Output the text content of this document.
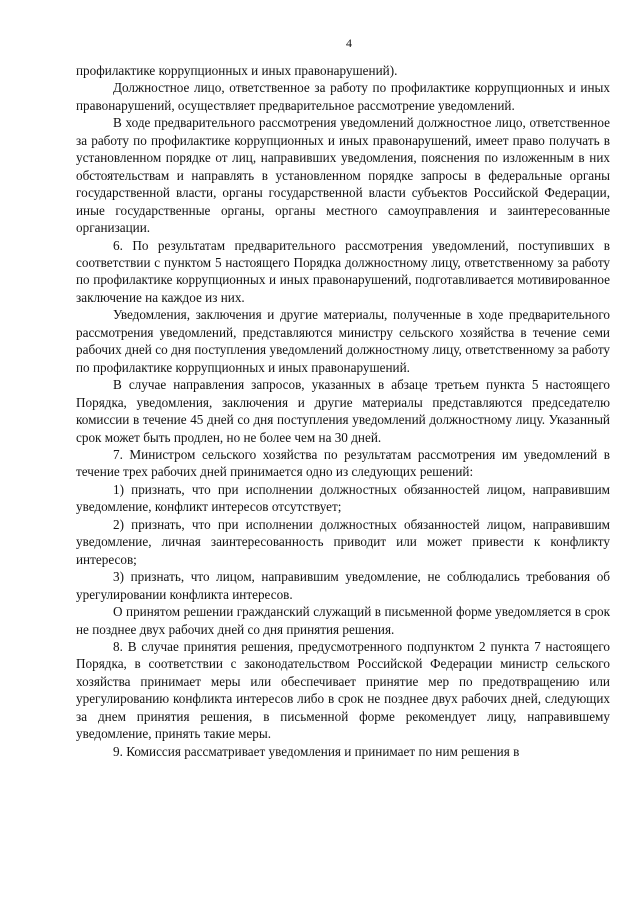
4

профилактике коррупционных и иных правонарушений).

Должностное лицо, ответственное за работу по профилактике коррупционных и иных правонарушений, осуществляет предварительное рассмотрение уведомлений.

В ходе предварительного рассмотрения уведомлений должностное лицо, ответственное за работу по профилактике коррупционных и иных правонарушений, имеет право получать в установленном порядке от лиц, направивших уведомления, пояснения по изложенным в них обстоятельствам и направлять в установленном порядке запросы в федеральные органы государственной власти, органы государственной власти субъектов Российской Федерации, иные государственные органы, органы местного самоуправления и заинтересованные организации.

6. По результатам предварительного рассмотрения уведомлений, поступивших в соответствии с пунктом 5 настоящего Порядка должностному лицу, ответственному за работу по профилактике коррупционных и иных правонарушений, подготавливается мотивированное заключение на каждое из них.

Уведомления, заключения и другие материалы, полученные в ходе предварительного рассмотрения уведомлений, представляются министру сельского хозяйства в течение семи рабочих дней со дня поступления уведомлений должностному лицу, ответственному за работу по профилактике коррупционных и иных правонарушений.

В случае направления запросов, указанных в абзаце третьем пункта 5 настоящего Порядка, уведомления, заключения и другие материалы представляются председателю комиссии в течение 45 дней со дня поступления уведомлений должностному лицу. Указанный срок может быть продлен, но не более чем на 30 дней.

7. Министром сельского хозяйства по результатам рассмотрения им уведомлений в течение трех рабочих дней принимается одно из следующих решений:

1) признать, что при исполнении должностных обязанностей лицом, направившим уведомление, конфликт интересов отсутствует;

2) признать, что при исполнении должностных обязанностей лицом, направившим уведомление, личная заинтересованность приводит или может привести к конфликту интересов;

3) признать, что лицом, направившим уведомление, не соблюдались требования об урегулировании конфликта интересов.

О принятом решении гражданский служащий в письменной форме уведомляется в срок не позднее двух рабочих дней со дня принятия решения.

8. В случае принятия решения, предусмотренного подпунктом 2 пункта 7 настоящего Порядка, в соответствии с законодательством Российской Федерации министр сельского хозяйства принимает меры или обеспечивает принятие мер по предотвращению или урегулированию конфликта интересов либо в срок не позднее двух рабочих дней, следующих за днем принятия решения, в письменной форме рекомендует лицу, направившему уведомление, принять такие меры.

9. Комиссия рассматривает уведомления и принимает по ним решения в
